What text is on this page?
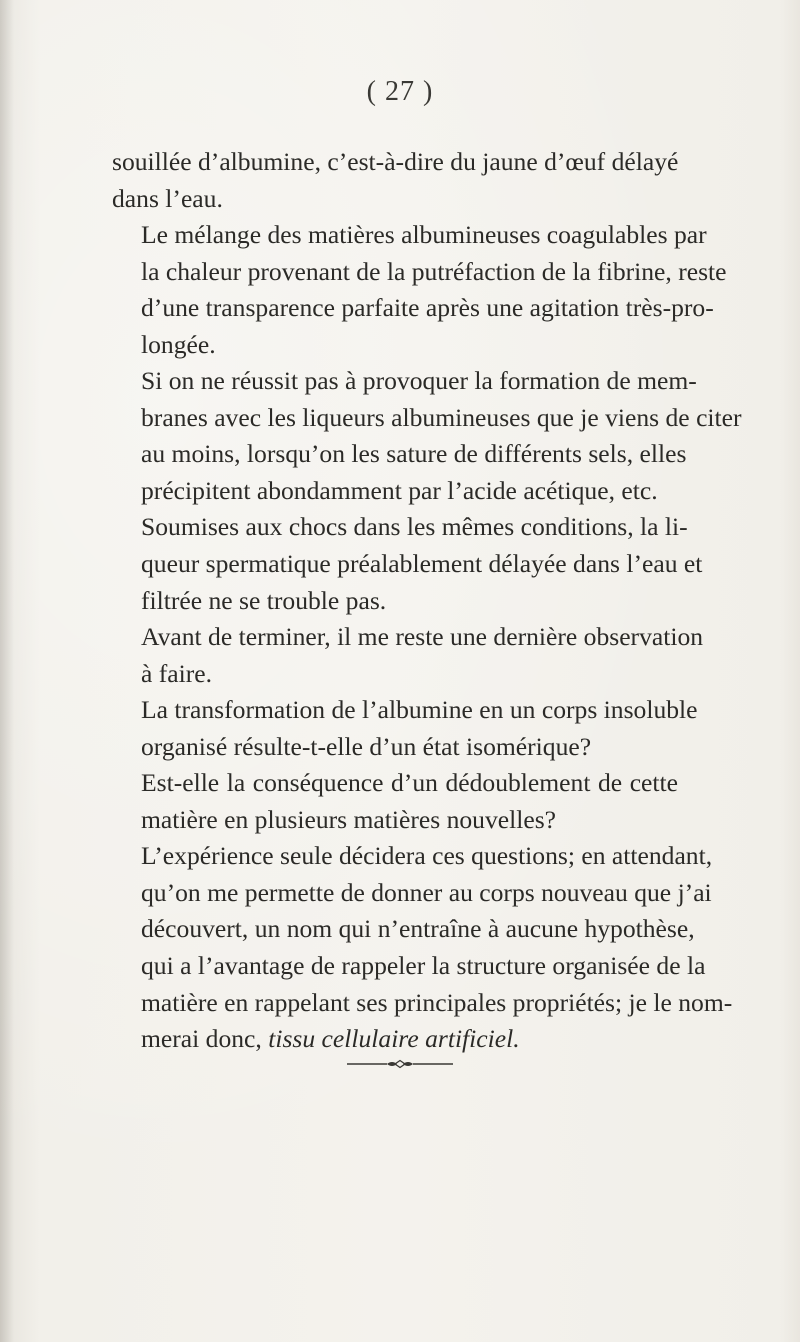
( 27 )

souillée d’albumine, c’est-à-dire du jaune d’œuf délayé
dans l’eau.

Le mélange des matières albumineuses coagulables par
la chaleur provenant de la putréfaction de la fibrine, reste
d’une transparence parfaite après une agitation très-pro-
longée.

Si on ne réussit pas à provoquer la formation de mem-
branes avec les liqueurs albumineuses que je viens de citer
au moins, lorsqu’on les sature de différents sels, elles
précipitent abondamment par l’acide acétique, etc.

Soumises aux chocs dans les mêmes conditions, la li-
queur spermatique préalablement délayée dans l’eau et
filtrée ne se trouble pas.

Avant de terminer, il me reste une dernière observation
à faire.

La transformation de l’albumine en un corps insoluble
organisé résulte-t-elle d’un état isomérique?

Est-elle la conséquence d’un dédoublement de cette
matière en plusieurs matières nouvelles?

L’expérience seule décidera ces questions; en attendant,
qu’on me permette de donner au corps nouveau que j’ai
découvert, un nom qui n’entraîne à aucune hypothèse,
qui a l’avantage de rappeler la structure organisée de la
matière en rappelant ses principales propriétés; je le nom-
merai donc, tissu cellulaire artificiel.
